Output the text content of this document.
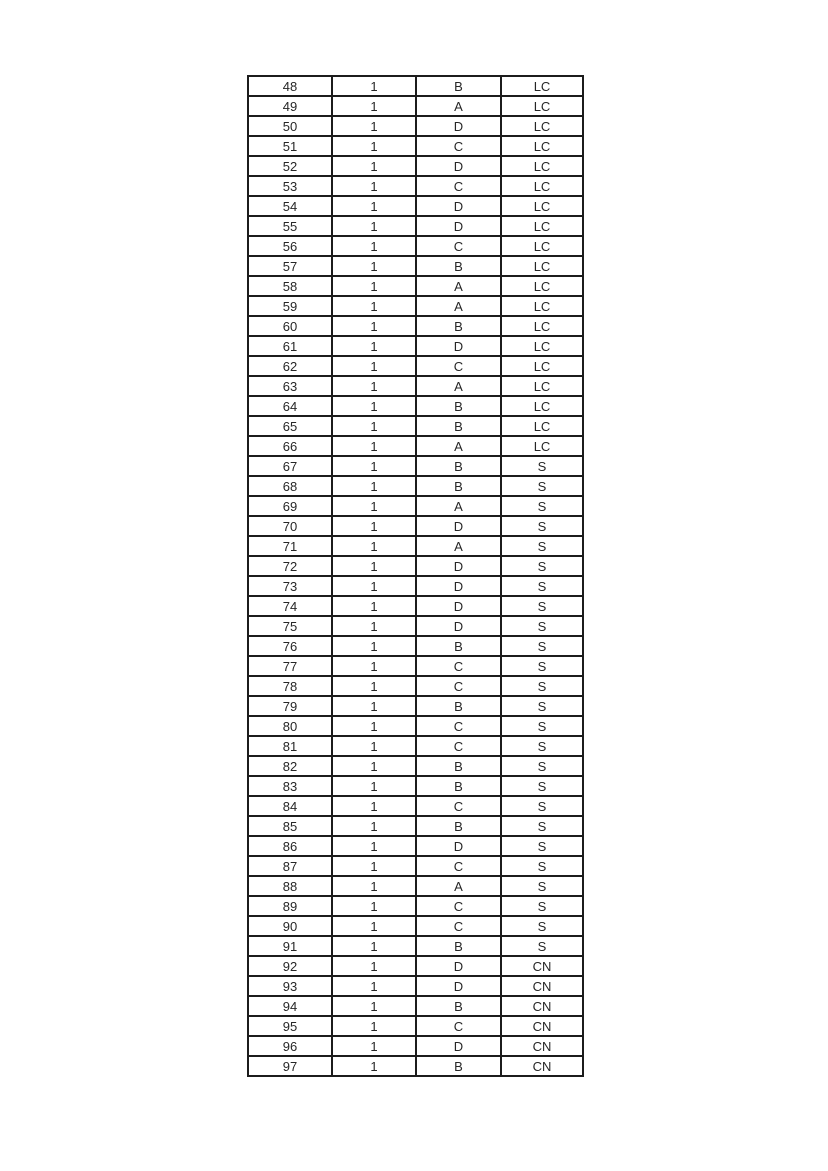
48	1	B	LC
49	1	A	LC
50	1	D	LC
51	1	C	LC
52	1	D	LC
53	1	C	LC
54	1	D	LC
55	1	D	LC
56	1	C	LC
57	1	B	LC
58	1	A	LC
59	1	A	LC
60	1	B	LC
61	1	D	LC
62	1	C	LC
63	1	A	LC
64	1	B	LC
65	1	B	LC
66	1	A	LC
67	1	B	S
68	1	B	S
69	1	A	S
70	1	D	S
71	1	A	S
72	1	D	S
73	1	D	S
74	1	D	S
75	1	D	S
76	1	B	S
77	1	C	S
78	1	C	S
79	1	B	S
80	1	C	S
81	1	C	S
82	1	B	S
83	1	B	S
84	1	C	S
85	1	B	S
86	1	D	S
87	1	C	S
88	1	A	S
89	1	C	S
90	1	C	S
91	1	B	S
92	1	D	CN
93	1	D	CN
94	1	B	CN
95	1	C	CN
96	1	D	CN
97	1	B	CN
